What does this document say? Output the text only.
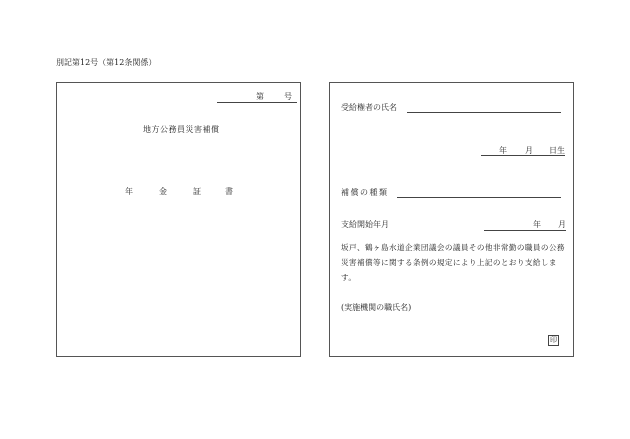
別記第12号（第12条関係）
第	号
地方公務員災害補償
年	金	証	書
受給権者の氏名
年 月 日生
補償の種類
支給開始年月	年 月
坂戸、鶴ヶ島水道企業団議会の議員その他非常勤の職員の公務災害補償等に関する条例の規定により上記のとおり支給します。
(実施機関の職氏名)
印
